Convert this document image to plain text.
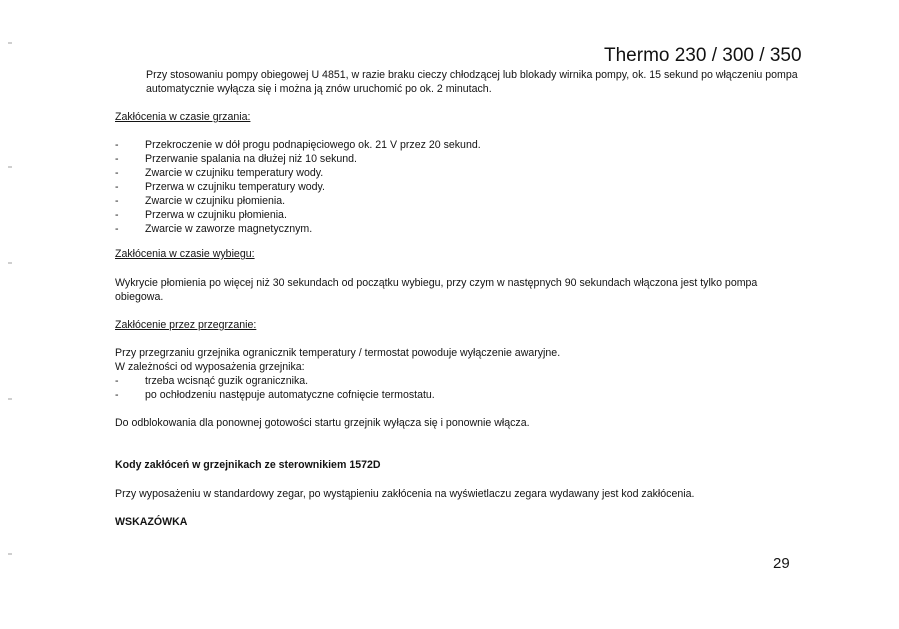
Thermo 230 / 300 / 350
Przy stosowaniu pompy obiegowej U 4851, w razie braku cieczy chłodzącej lub blokady wirnika pompy, ok. 15 sekund po włączeniu pompa automatycznie wyłącza się i można ją znów uruchomić po ok. 2 minutach.
Zakłócenia w czasie grzania:
- Przekroczenie w dół progu podnapięciowego ok. 21 V przez 20 sekund.
- Przerwanie spalania na dłużej niż 10 sekund.
- Zwarcie w czujniku temperatury wody.
- Przerwa w czujniku temperatury wody.
- Zwarcie w czujniku płomienia.
- Przerwa w czujniku płomienia.
- Zwarcie w zaworze magnetycznym.
Zakłócenia w czasie wybiegu:
Wykrycie płomienia po więcej niż 30 sekundach od początku wybiegu, przy czym w następnych 90 sekundach włączona jest tylko pompa obiegowa.
Zakłócenie przez przegrzanie:
Przy przegrzaniu grzejnika ogranicznik temperatury / termostat powoduje wyłączenie awaryjne.
W zależności od wyposażenia grzejnika:
- trzeba wcisnąć guzik ogranicznika.
- po ochłodzeniu następuje automatyczne cofnięcie termostatu.
Do odblokowania dla ponownej gotowości startu grzejnik wyłącza się i ponownie włącza.
Kody zakłóceń w grzejnikach ze sterownikiem 1572D
Przy wyposażeniu w standardowy zegar, po wystąpieniu zakłócenia na wyświetlaczu zegara wydawany jest kod zakłócenia.
WSKAZÓWKA
29
